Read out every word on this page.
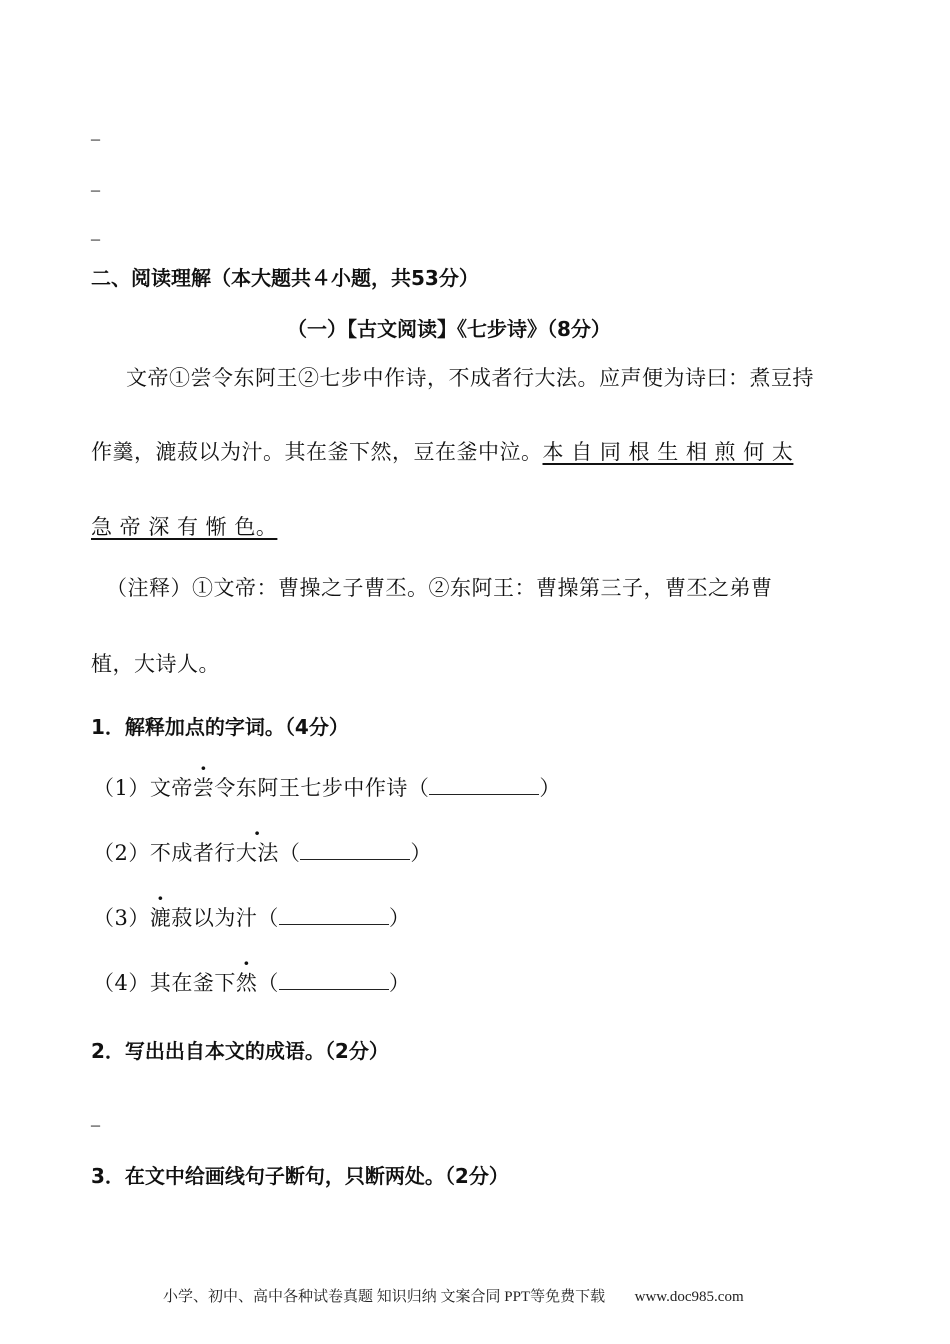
_
_
_
二、阅读理解（本大题共４小题，共53分）
（一）【古文阅读】《七步诗》（8分）
文帝①尝令东阿王②七步中作诗，不成者行大法。应声便为诗曰：煮豆持
作羹，漉菽以为汁。其在釜下然，豆在釜中泣。本 自 同 根 生 相 煎 何 太
急 帝 深 有 惭 色。
（注释）①文帝：曹操之子曹丕。②东阿王：曹操第三子，曹丕之弟曹
植，大诗人。
1．解释加点的字词。（4分）
（1）文帝尝令东阿王七步中作诗（	）
（2）不成者行大法（	）
（3）漉菽以为汁（	）
（4）其在釜下然（	）
2．写出出自本文的成语。（2分）
_
3．在文中给画线句子断句，只断两处。（2分）
小学、初中、高中各种试卷真题 知识归纳 文案合同 PPT等免费下载 www.doc985.com
